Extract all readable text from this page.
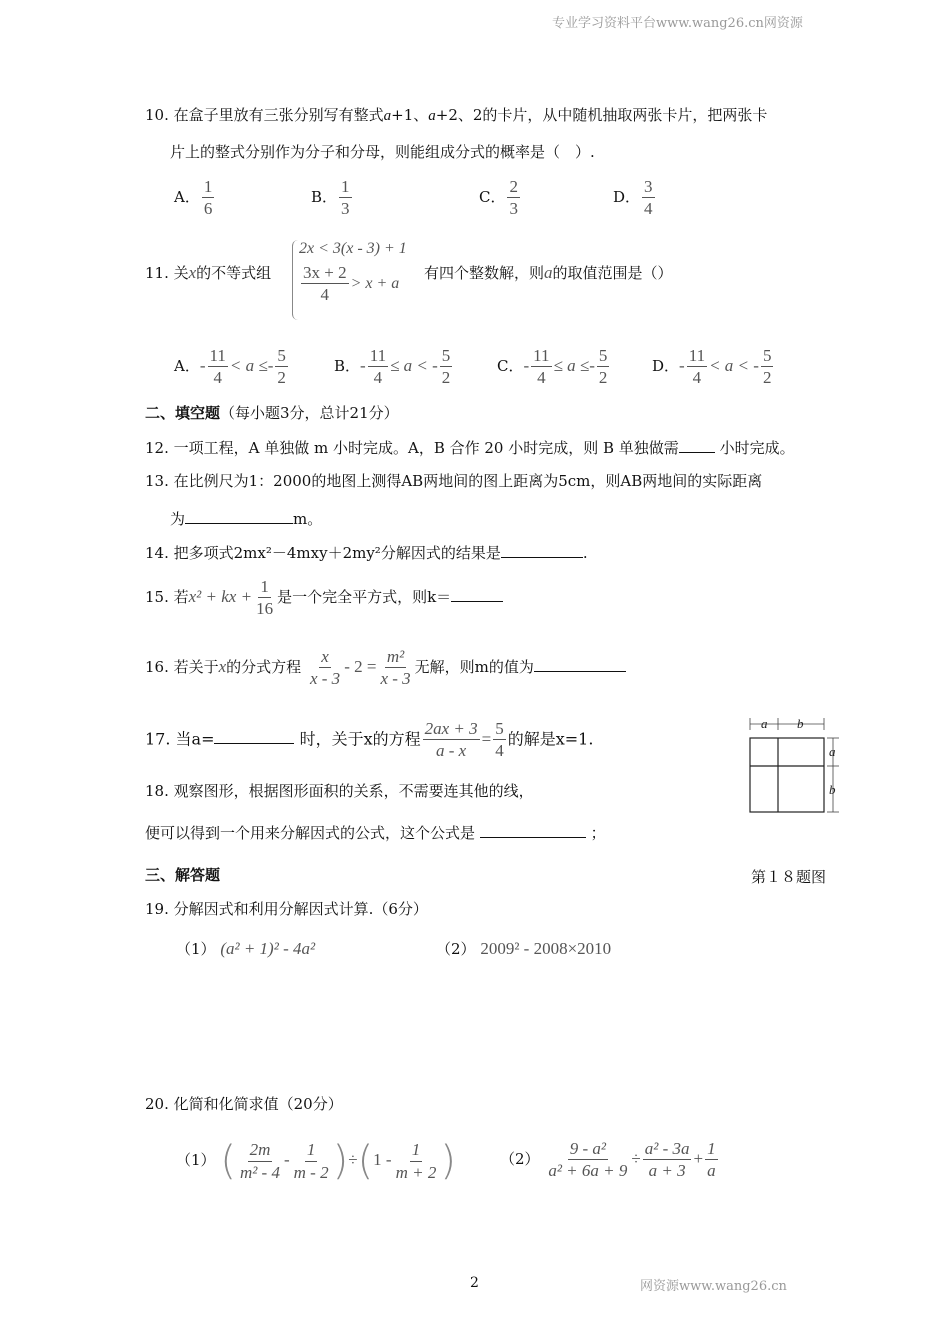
专业学习资料平台www.wang26.cn网资源
10. 在盒子里放有三张分别写有整式a+1、a+2、2的卡片，从中随机抽取两张卡片，把两张卡
片上的整式分别作为分子和分母，则能组成分式的概率是（　）.
A． $\frac{1}{6}$	B． $\frac{1}{3}$	C． $\frac{2}{3}$	D． $\frac{3}{4}$
11. 关x的不等式组
2x < 3(x - 3) + 1
$\frac{3x + 2}{4} > x + a$
有四个整数解，则a的取值范围是（）
A．- $\frac{11}{4} < a \le- \frac{5}{2}$	B．- $\frac{11}{4} \le a$ < - $\frac{5}{2}$	C．- $\frac{11}{4} \le a \le- \frac{5}{2}$	D．- $\frac{11}{4} < a$ < - $\frac{5}{2}$
二、填空题（每小题3分，总计21分）
12. 一项工程，A 单独做 m 小时完成。A，B 合作 20 小时完成，则 B 单独做需 小时完成。
13. 在比例尺为1：2000的地图上测得AB两地间的图上距离为5cm，则AB两地间的实际距离
为	m。
14. 把多项式2mx²－4mxy＋2my²分解因式的结果是	.
15. 若x² + kx + $\frac{1}{16}$ 是一个完全平方式，则k＝
16. 若关于x的分式方程 $\frac{x}{x - 3} - 2 = \frac{\text{m²}}{x - 3}$ 无解，则m的值为
17. 当a=	时，关于x的方程 $\frac{2ax + 3}{a - x} = \frac{5}{4}$ 的解是x=1.
a b
a
b
18. 观察图形，根据图形面积的关系，不需要连其他的线，
便可以得到一个用来分解因式的公式，这个公式是	；
三、解答题	第１８题图
19. 分解因式和利用分解因式计算.（6分）
（1） (a² + 1)² - 4a²	（2） 2009² - 2008×2010
20. 化简和化简求值（20分）
（1） ( $\frac{2m}{\text{m² - 4}} - \frac{1}{m - 2} )\div(1 - \frac{1}{m + 2}$ )	$(2) \frac{\text{9 - a²}}{\text{a² + 6a + 9}} \div \frac{\text{a² - 3a}}{a + 3} + \frac{1}{a}$
2	网资源www.wang26.cn
